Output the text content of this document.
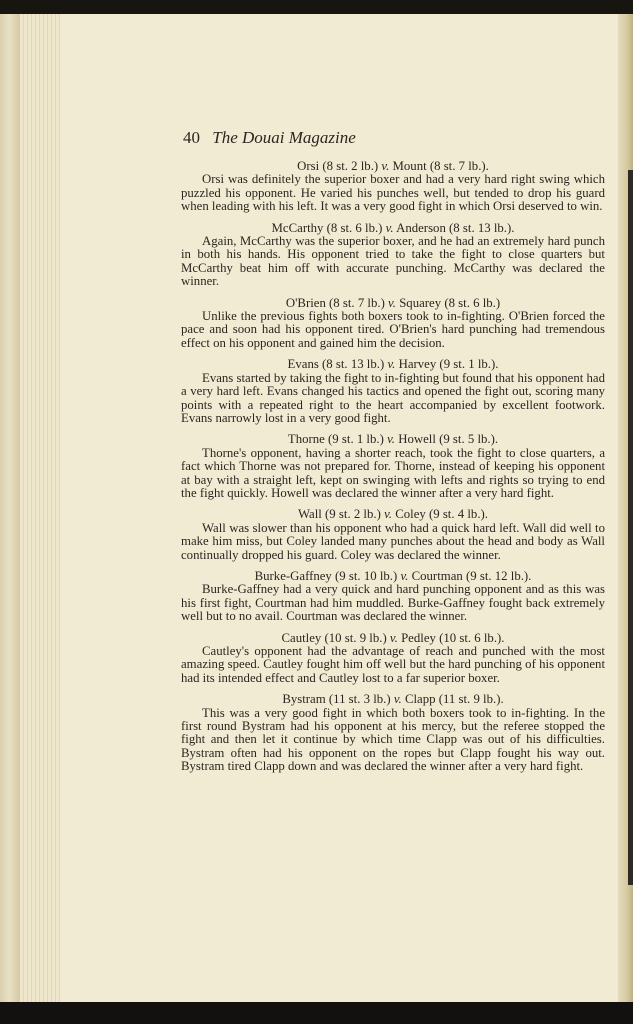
40 The Douai Magazine
Orsi (8 st. 2 lb.) v. Mount (8 st. 7 lb.).
Orsi was definitely the superior boxer and had a very hard right swing which puzzled his opponent. He varied his punches well, but tended to drop his guard when leading with his left. It was a very good fight in which Orsi deserved to win.
McCarthy (8 st. 6 lb.) v. Anderson (8 st. 13 lb.).
Again, McCarthy was the superior boxer, and he had an extremely hard punch in both his hands. His opponent tried to take the fight to close quarters but McCarthy beat him off with accurate punching. McCarthy was declared the winner.
O'Brien (8 st. 7 lb.) v. Squarey (8 st. 6 lb.)
Unlike the previous fights both boxers took to in-fighting. O'Brien forced the pace and soon had his opponent tired. O'Brien's hard punching had tremendous effect on his opponent and gained him the decision.
Evans (8 st. 13 lb.) v. Harvey (9 st. 1 lb.).
Evans started by taking the fight to in-fighting but found that his opponent had a very hard left. Evans changed his tactics and opened the fight out, scoring many points with a repeated right to the heart accompanied by excellent footwork. Evans narrowly lost in a very good fight.
Thorne (9 st. 1 lb.) v. Howell (9 st. 5 lb.).
Thorne's opponent, having a shorter reach, took the fight to close quarters, a fact which Thorne was not prepared for. Thorne, instead of keeping his opponent at bay with a straight left, kept on swinging with lefts and rights so trying to end the fight quickly. Howell was declared the winner after a very hard fight.
Wall (9 st. 2 lb.) v. Coley (9 st. 4 lb.).
Wall was slower than his opponent who had a quick hard left. Wall did well to make him miss, but Coley landed many punches about the head and body as Wall continually dropped his guard. Coley was declared the winner.
Burke-Gaffney (9 st. 10 lb.) v. Courtman (9 st. 12 lb.).
Burke-Gaffney had a very quick and hard punching opponent and as this was his first fight, Courtman had him muddled. Burke-Gaffney fought back extremely well but to no avail. Courtman was declared the winner.
Cautley (10 st. 9 lb.) v. Pedley (10 st. 6 lb.).
Cautley's opponent had the advantage of reach and punched with the most amazing speed. Cautley fought him off well but the hard punching of his opponent had its intended effect and Cautley lost to a far superior boxer.
Bystram (11 st. 3 lb.) v. Clapp (11 st. 9 lb.).
This was a very good fight in which both boxers took to in-fighting. In the first round Bystram had his opponent at his mercy, but the referee stopped the fight and then let it continue by which time Clapp was out of his difficulties. Bystram often had his opponent on the ropes but Clapp fought his way out. Bystram tired Clapp down and was declared the winner after a very hard fight.
